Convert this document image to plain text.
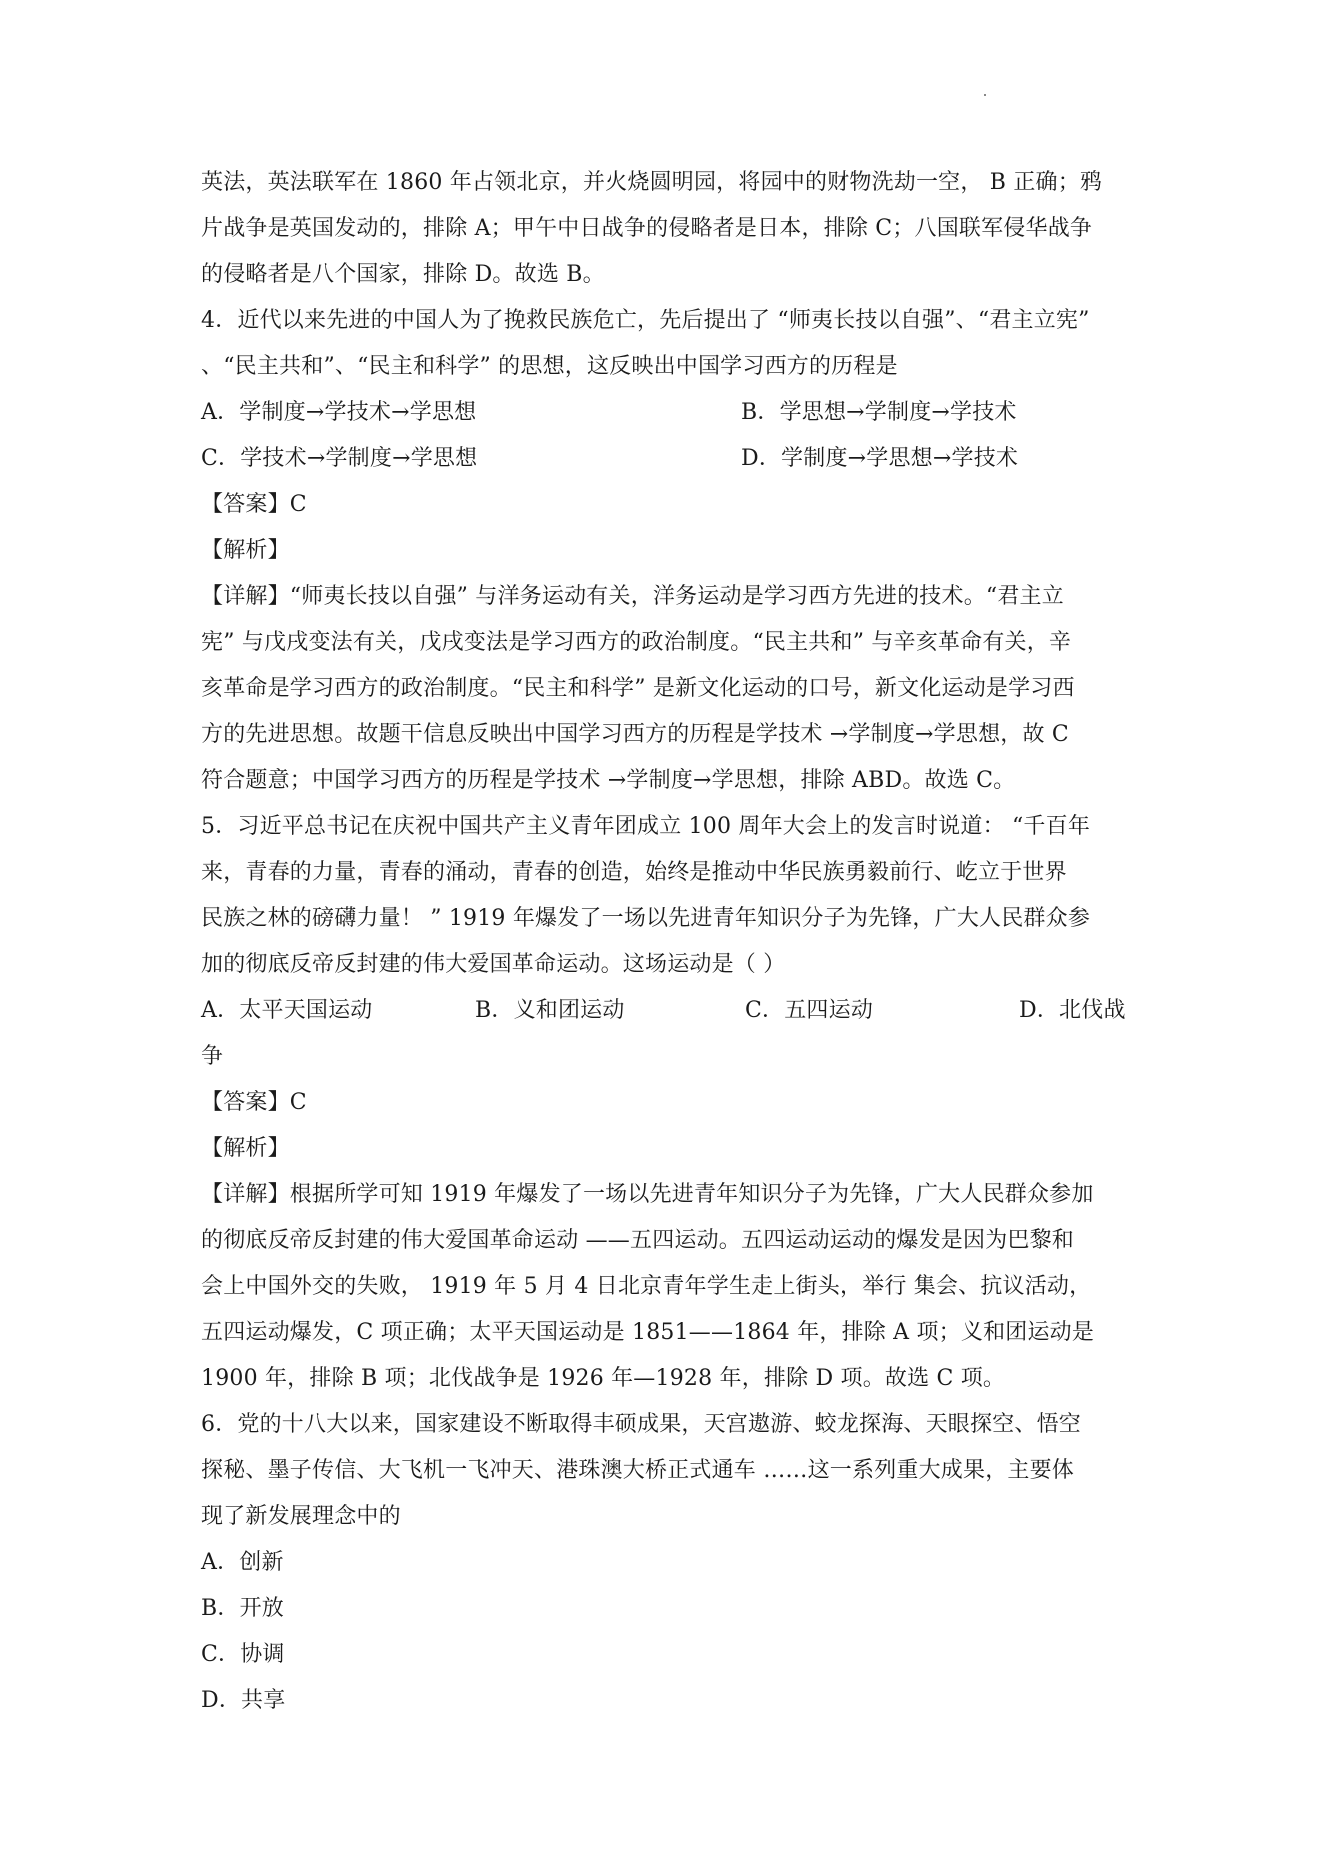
英法，英法联军在 1860 年占领北京，并火烧圆明园，将园中的财物洗劫一空， B 正确；鸦
片战争是英国发动的，排除 A；甲午中日战争的侵略者是日本，排除 C；八国联军侵华战争
的侵略者是八个国家，排除 D。故选 B。
4．近代以来先进的中国人为了挽救民族危亡，先后提出了 “师夷长技以自强”、“君主立宪”
、“民主共和”、“民主和科学” 的思想，这反映出中国学习西方的历程是
A．学制度→学技术→学思想	B．学思想→学制度→学技术
C．学技术→学制度→学思想	D．学制度→学思想→学技术
【答案】C
【解析】
【详解】“师夷长技以自强” 与洋务运动有关，洋务运动是学习西方先进的技术。“君主立
宪” 与戊戌变法有关，戊戌变法是学习西方的政治制度。“民主共和” 与辛亥革命有关，辛
亥革命是学习西方的政治制度。“民主和科学” 是新文化运动的口号，新文化运动是学习西
方的先进思想。故题干信息反映出中国学习西方的历程是学技术 →学制度→学思想，故 C
符合题意；中国学习西方的历程是学技术 →学制度→学思想，排除 ABD。故选 C。
5．习近平总书记在庆祝中国共产主义青年团成立 100 周年大会上的发言时说道： “千百年
来，青春的力量，青春的涌动，青春的创造，始终是推动中华民族勇毅前行、屹立于世界
民族之林的磅礴力量！ ” 1919 年爆发了一场以先进青年知识分子为先锋，广大人民群众参
加的彻底反帝反封建的伟大爱国革命运动。这场运动是（ ）
A．太平天国运动	B．义和团运动	C．五四运动	D．北伐战
争
【答案】C
【解析】
【详解】根据所学可知 1919 年爆发了一场以先进青年知识分子为先锋，广大人民群众参加
的彻底反帝反封建的伟大爱国革命运动 ——五四运动。五四运动运动的爆发是因为巴黎和
会上中国外交的失败， 1919 年 5 月 4 日北京青年学生走上街头，举行 集会、抗议活动，
五四运动爆发，C 项正确；太平天国运动是 1851——1864 年，排除 A 项；义和团运动是
1900 年，排除 B 项；北伐战争是 1926 年—1928 年，排除 D 项。故选 C 项。
6．党的十八大以来，国家建设不断取得丰硕成果，天宫遨游、蛟龙探海、天眼探空、悟空
探秘、墨子传信、大飞机一飞冲天、港珠澳大桥正式通车 ……这一系列重大成果，主要体
现了新发展理念中的
A．创新
B．开放
C．协调
D．共享
